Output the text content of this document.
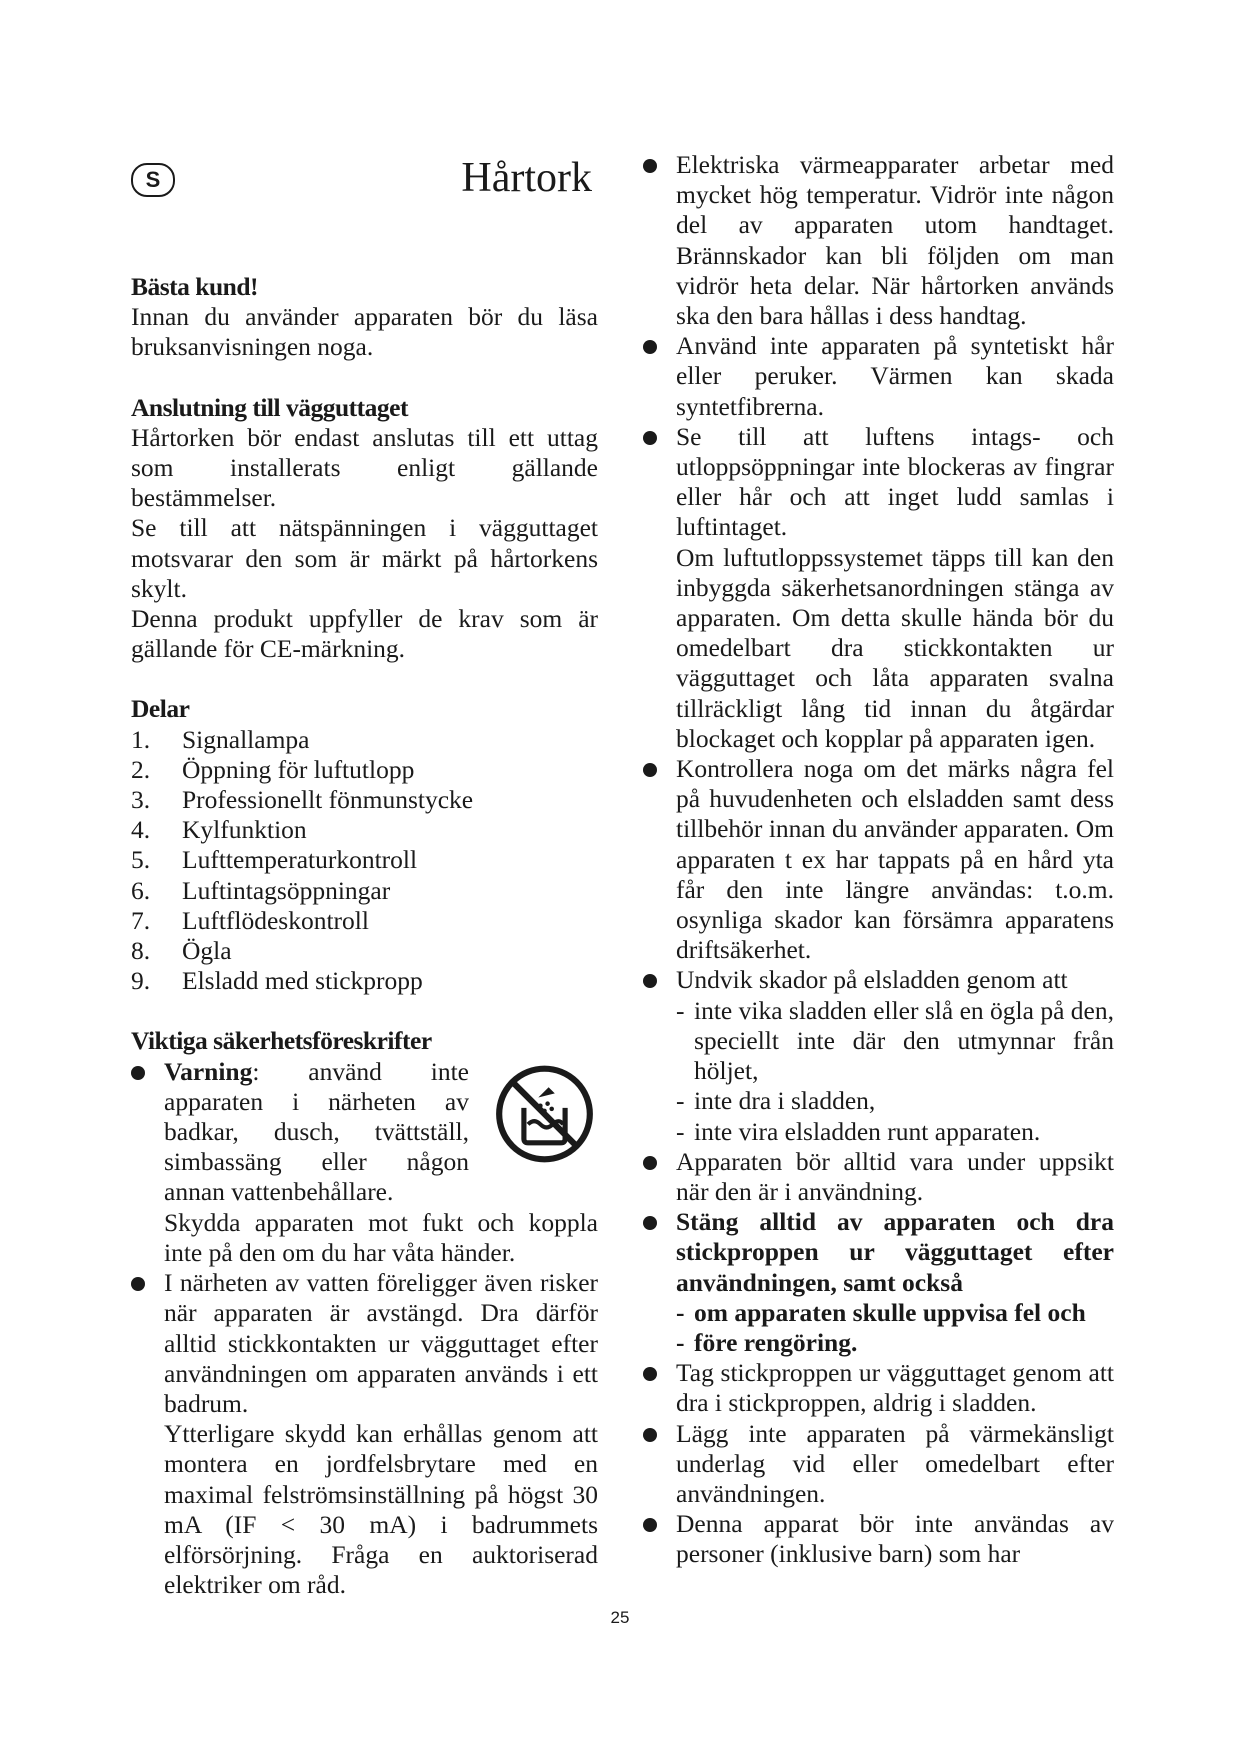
S	Hårtork
Bästa kund!

Innan du använder apparaten bör du läsa bruksanvisningen noga.

Anslutning till vägguttaget

Hårtorken bör endast anslutas till ett uttag som installerats enligt gällande bestämmelser.

Se till att nätspänningen i vägguttaget motsvarar den som är märkt på hårtorkens skylt.

Denna produkt uppfyller de krav som är gällande för CE-märkning.

Delar
1.	Signallampa
2.	Öppning för luftutlopp
3.	Professionellt fönmunstycke
4.	Kylfunktion
5.	Lufttemperaturkontroll
6.	Luftintagsöppningar
7.	Luftflödeskontroll
8.	Ögla
9.	Elsladd med stickpropp
Viktiga säkerhetsföreskrifter
Varning: använd inte apparaten i närheten av badkar, dusch, tvättställ, simbassäng eller någon annan vattenbehållare.
Skydda apparaten mot fukt och koppla inte på den om du har våta händer.
I närheten av vatten föreligger även risker när apparaten är avstängd. Dra därför alltid stickkontakten ur vägguttaget efter användningen om apparaten används i ett badrum.
Ytterligare skydd kan erhållas genom att montera en jordfelsbrytare med en maximal felströmsinställning på högst 30 mA (IF < 30 mA) i badrummets elförsörjning. Fråga en auktoriserad elektriker om råd.
Elektriska värmeapparater arbetar med mycket hög temperatur. Vidrör inte någon del av apparaten utom handtaget. Brännskador kan bli följden om man vidrör heta delar. När hårtorken används ska den bara hållas i dess handtag.
Använd inte apparaten på syntetiskt hår eller peruker. Värmen kan skada syntetfibrerna.
Se till att luftens intags- och utloppsöppningar inte blockeras av fingrar eller hår och att inget ludd samlas i luftintaget.
Om luftutloppssystemet täpps till kan den inbyggda säkerhetsanordningen stänga av apparaten. Om detta skulle hända bör du omedelbart dra stickkontakten ur vägguttaget och låta apparaten svalna tillräckligt lång tid innan du åtgärdar blockaget och kopplar på apparaten igen.
Kontrollera noga om det märks några fel på huvudenheten och elsladden samt dess tillbehör innan du använder apparaten. Om apparaten t ex har tappats på en hård yta får den inte längre användas: t.o.m. osynliga skador kan försämra apparatens driftsäkerhet.
Undvik skador på elsladden genom att
- inte vika sladden eller slå en ögla på den, speciellt inte där den utmynnar från höljet,
- inte dra i sladden,
- inte vira elsladden runt apparaten.
Apparaten bör alltid vara under uppsikt när den är i användning.
Stäng alltid av apparaten och dra stickproppen ur vägguttaget efter användningen, samt också
- om apparaten skulle uppvisa fel och
- före rengöring.
Tag stickproppen ur vägguttaget genom att dra i stickproppen, aldrig i sladden.
Lägg inte apparaten på värmekänsligt underlag vid eller omedelbart efter användningen.
Denna apparat bör inte användas av personer (inklusive barn) som har
25
